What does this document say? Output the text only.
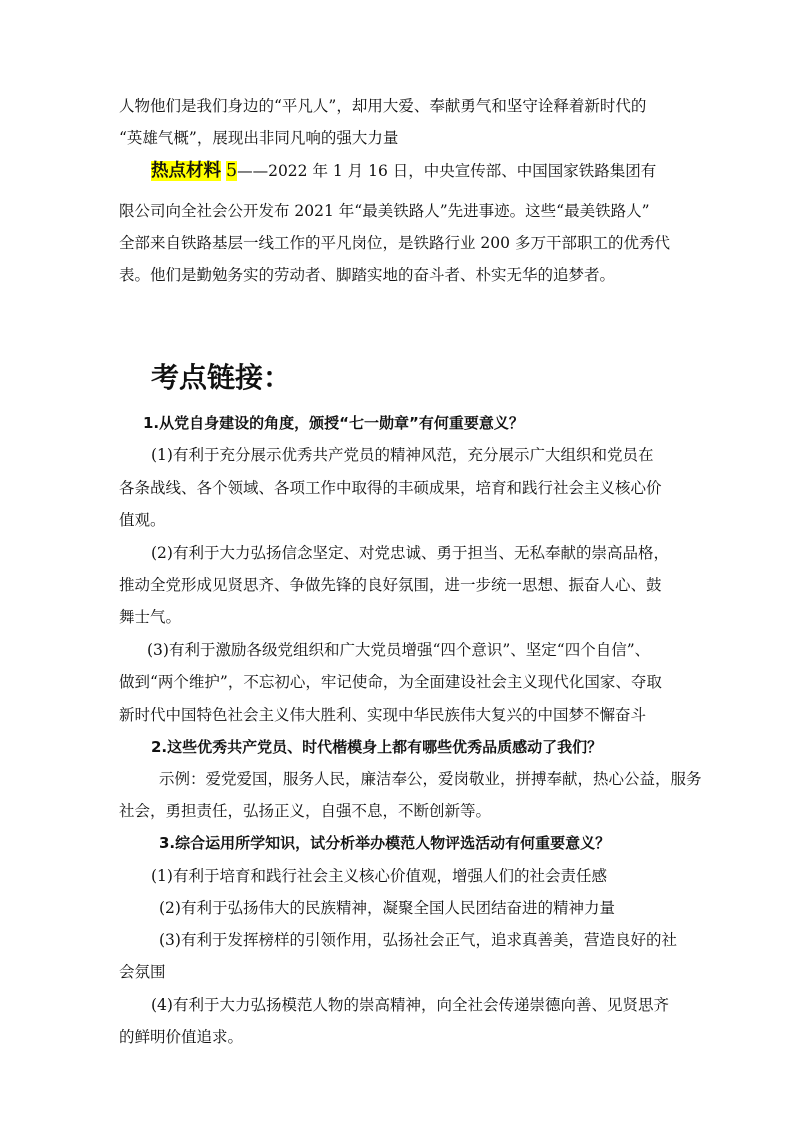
人物他们是我们身边的“平凡人”，却用大爱、奉献勇气和坚守诠释着新时代的
“英雄气概”，展现出非同凡响的强大力量
热点材料 5——2022 年 1 月 16 日，中央宣传部、中国国家铁路集团有
限公司向全社会公开发布 2021 年“最美铁路人”先进事迹。这些“最美铁路人”
全部来自铁路基层一线工作的平凡岗位，是铁路行业 200 多万干部职工的优秀代
表。他们是勤勉务实的劳动者、脚踏实地的奋斗者、朴实无华的追梦者。
考点链接：
1.从党自身建设的角度，颁授“七一勋章”有何重要意义？
(1)有利于充分展示优秀共产党员的精神风范，充分展示广大组织和党员在
各条战线、各个领域、各项工作中取得的丰硕成果，培育和践行社会主义核心价
值观。
(2)有利于大力弘扬信念坚定、对党忠诚、勇于担当、无私奉献的崇高品格，
推动全党形成见贤思齐、争做先锋的良好氛围，进一步统一思想、振奋人心、鼓
舞士气。
(3)有利于激励各级党组织和广大党员增强“四个意识”、坚定“四个自信”、
做到“两个维护”，不忘初心，牢记使命，为全面建设社会主义现代化国家、夺取
新时代中国特色社会主义伟大胜利、实现中华民族伟大复兴的中国梦不懈奋斗
2.这些优秀共产党员、时代楷模身上都有哪些优秀品质感动了我们？
示例：爱党爱国，服务人民，廉洁奉公，爱岗敬业，拼搏奉献，热心公益，服务
社会，勇担责任，弘扬正义，自强不息，不断创新等。
3.综合运用所学知识，试分析举办模范人物评选活动有何重要意义？
(1)有利于培育和践行社会主义核心价值观，增强人们的社会责任感
(2)有利于弘扬伟大的民族精神，凝聚全国人民团结奋进的精神力量
(3)有利于发挥榜样的引领作用，弘扬社会正气，追求真善美，营造良好的社
会氛围
(4)有利于大力弘扬模范人物的崇高精神，向全社会传递崇德向善、见贤思齐
的鲜明价值追求。
